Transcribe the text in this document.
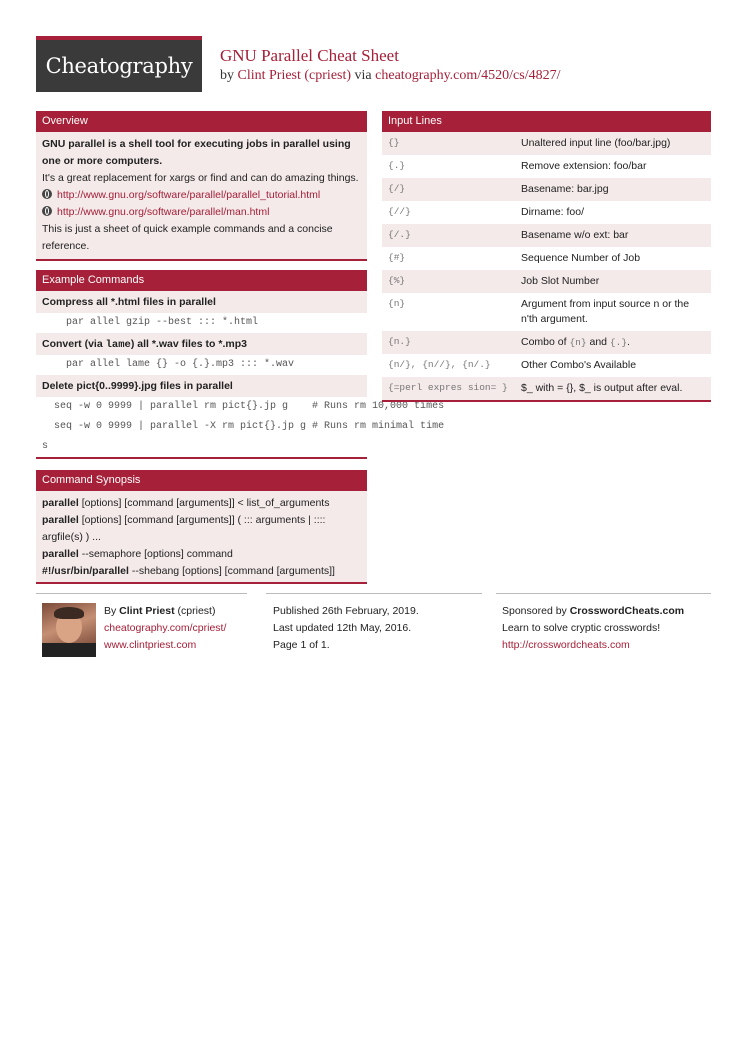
Cheatography GNU Parallel Cheat Sheet
by Clint Priest (cpriest) via cheatography.com/4520/cs/4827/
Overview
GNU parallel is a shell tool for executing jobs in parallel using one or more computers.
It's a great replacement for xargs or find and can do amazing things.
http://www.gnu.org/software/parallel/parallel_tutorial.html
http://www.gnu.org/software/parallel/man.html
This is just a sheet of quick example commands and a concise reference.
Example Commands
Compress all *.html files in parallel
par allel gzip --best ::: *.html
Convert (via lame) all *.wav files to *.mp3
par allel lame {} -o {.}.mp3 ::: *.wav
Delete pict{0..9999}.jpg files in parallel
seq -w 0 9999 | parallel rm pict{}.jp g    # Runs rm 10,000 times
seq -w 0 9999 | parallel -X rm pict{}.jp g # Runs rm minimal time
s
Command Synopsis
parallel [options] [command [arguments]] < list_of_arguments
parallel [options] [command [arguments]] ( ::: arguments | ::::
argfile(s) ) ...
parallel --semaphore [options] command
#!/usr/bin/parallel --shebang [options] [command [arguments]]
Input Lines
{}	Unaltered input line (foo/bar.jpg)
{.}	Remove extension: foo/bar
{/}	Basename: bar.jpg
{//}	Dirname: foo/
{/.}	Basename w/o ext: bar
{#}	Sequence Number of Job
{%}	Job Slot Number
{n}	Argument from input source n or the n'th argument.
{n.}	Combo of {n} and {.}.
{n/}, {n//}, {n/.}	Other Combo's Available
{=perl expres sion= }	$_ with = {}, $_ is output after eval.
By Clint Priest (cpriest)
cheatography.com/cpriest/
www.clintpriest.com
Published 26th February, 2019.
Last updated 12th May, 2016.
Page 1 of 1.
Sponsored by CrosswordCheats.com
Learn to solve cryptic crosswords!
http://crosswordcheats.com
